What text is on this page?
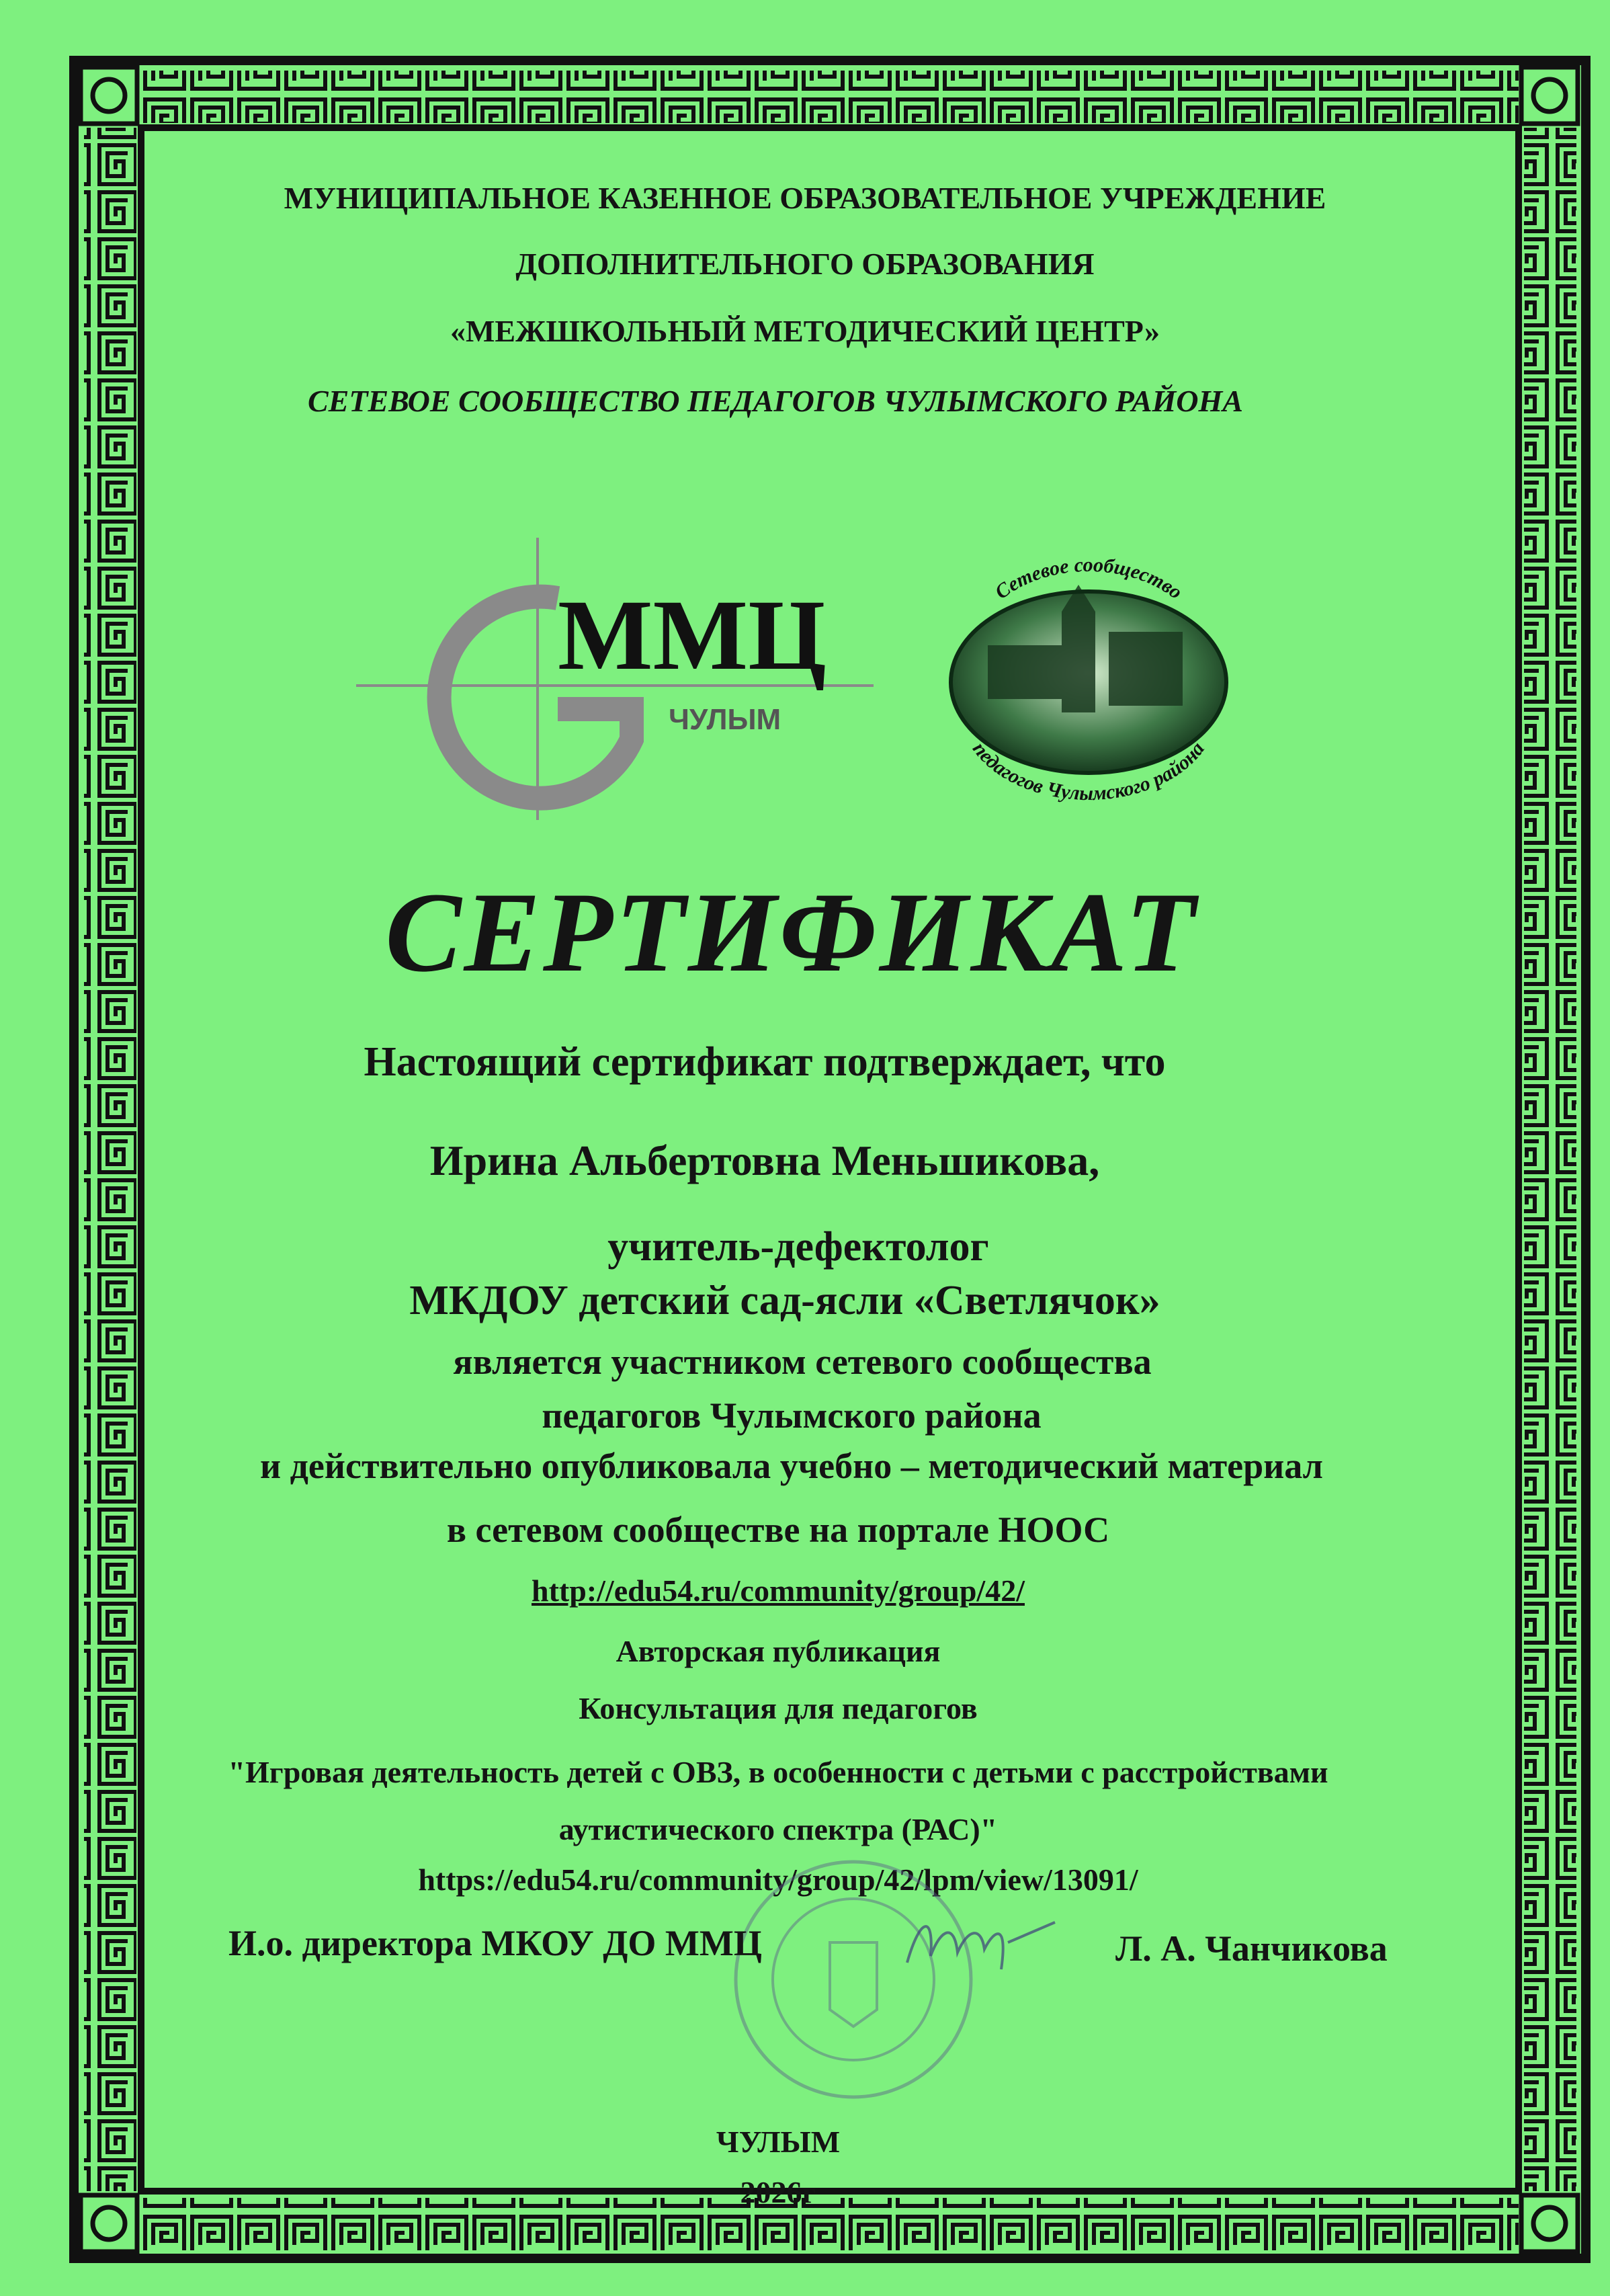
МУНИЦИПАЛЬНОЕ КАЗЕННОЕ ОБРАЗОВАТЕЛЬНОЕ УЧРЕЖДЕНИЕ

ДОПОЛНИТЕЛЬНОГО ОБРАЗОВАНИЯ

«МЕЖШКОЛЬНЫЙ МЕТОДИЧЕСКИЙ ЦЕНТР»

СЕТЕВОЕ СООБЩЕСТВО ПЕДАГОГОВ ЧУЛЫМСКОГО РАЙОНА

ММЦ
ЧУЛЫМ
Сетевое сообщество
педагогов Чулымского района

СЕРТИФИКАТ

Настоящий сертификат подтверждает, что

Ирина Альбертовна Меньшикова,

учитель-дефектолог

МКДОУ детский сад-ясли «Светлячок»

является участником сетевого сообщества

педагогов Чулымского района

и действительно опубликовала учебно – методический материал

в сетевом сообществе на портале НООС

http://edu54.ru/community/group/42/

Авторская публикация

Консультация для педагогов

"Игровая деятельность детей с ОВЗ, в особенности с детьми с расстройствами

аутистического спектра (РАС)"

https://edu54.ru/community/group/42/lpm/view/13091/

И.о. директора МКОУ ДО ММЦ	Л. А. Чанчикова

ЧУЛЫМ

2026г
